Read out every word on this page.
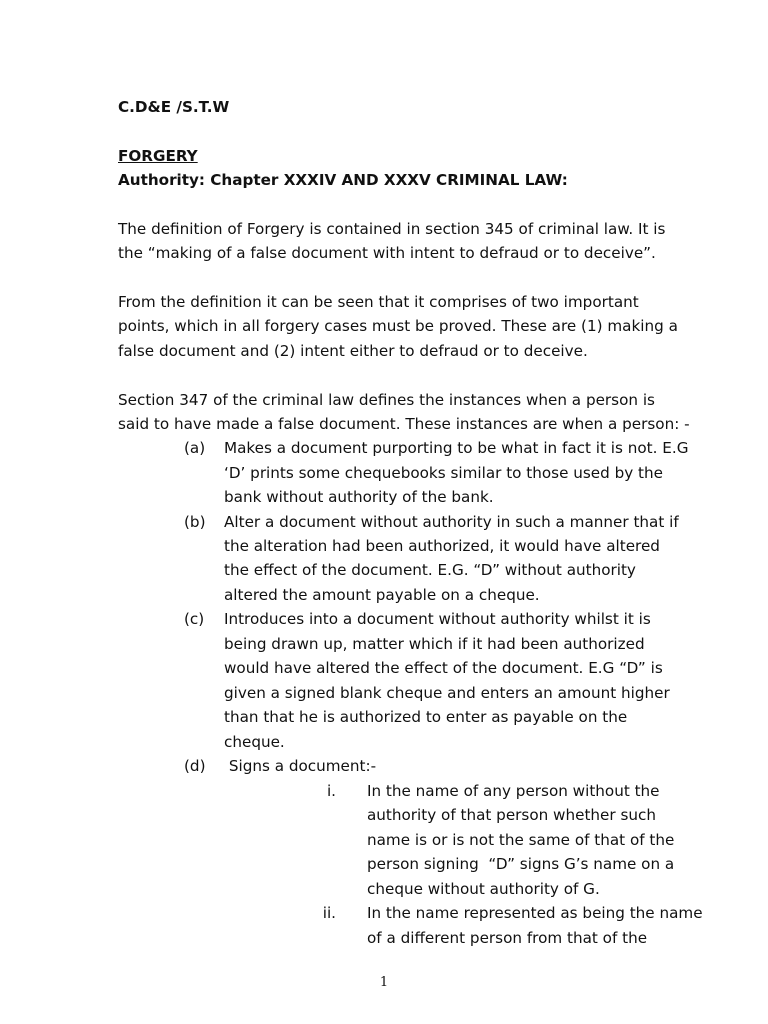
C.D&E /S.T.W
FORGERY
Authority: Chapter XXXIV AND XXXV CRIMINAL LAW:
The definition of Forgery is contained in section 345 of criminal law. It is
the “making of a false document with intent to defraud or to deceive”.
From the definition it can be seen that it comprises of two important
points, which in all forgery cases must be proved. These are (1) making a
false document and (2) intent either to defraud or to deceive.
Section 347 of the criminal law defines the instances when a person is
said to have made a false document. These instances are when a person: -
(a) Makes a document purporting to be what in fact it is not. E.G
‘D’ prints some chequebooks similar to those used by the
bank without authority of the bank.
(b) Alter a document without authority in such a manner that if
the alteration had been authorized, it would have altered
the effect of the document. E.G. “D” without authority
altered the amount payable on a cheque.
(c) Introduces into a document without authority whilst it is
being drawn up, matter which if it had been authorized
would have altered the effect of the document. E.G “D” is
given a signed blank cheque and enters an amount higher
than that he is authorized to enter as payable on the
cheque.
(d) Signs a document:-
i. In the name of any person without the
authority of that person whether such
name is or is not the same of that of the
person signing  “D” signs G’s name on a
cheque without authority of G.
ii. In the name represented as being the name
of a different person from that of the
1
